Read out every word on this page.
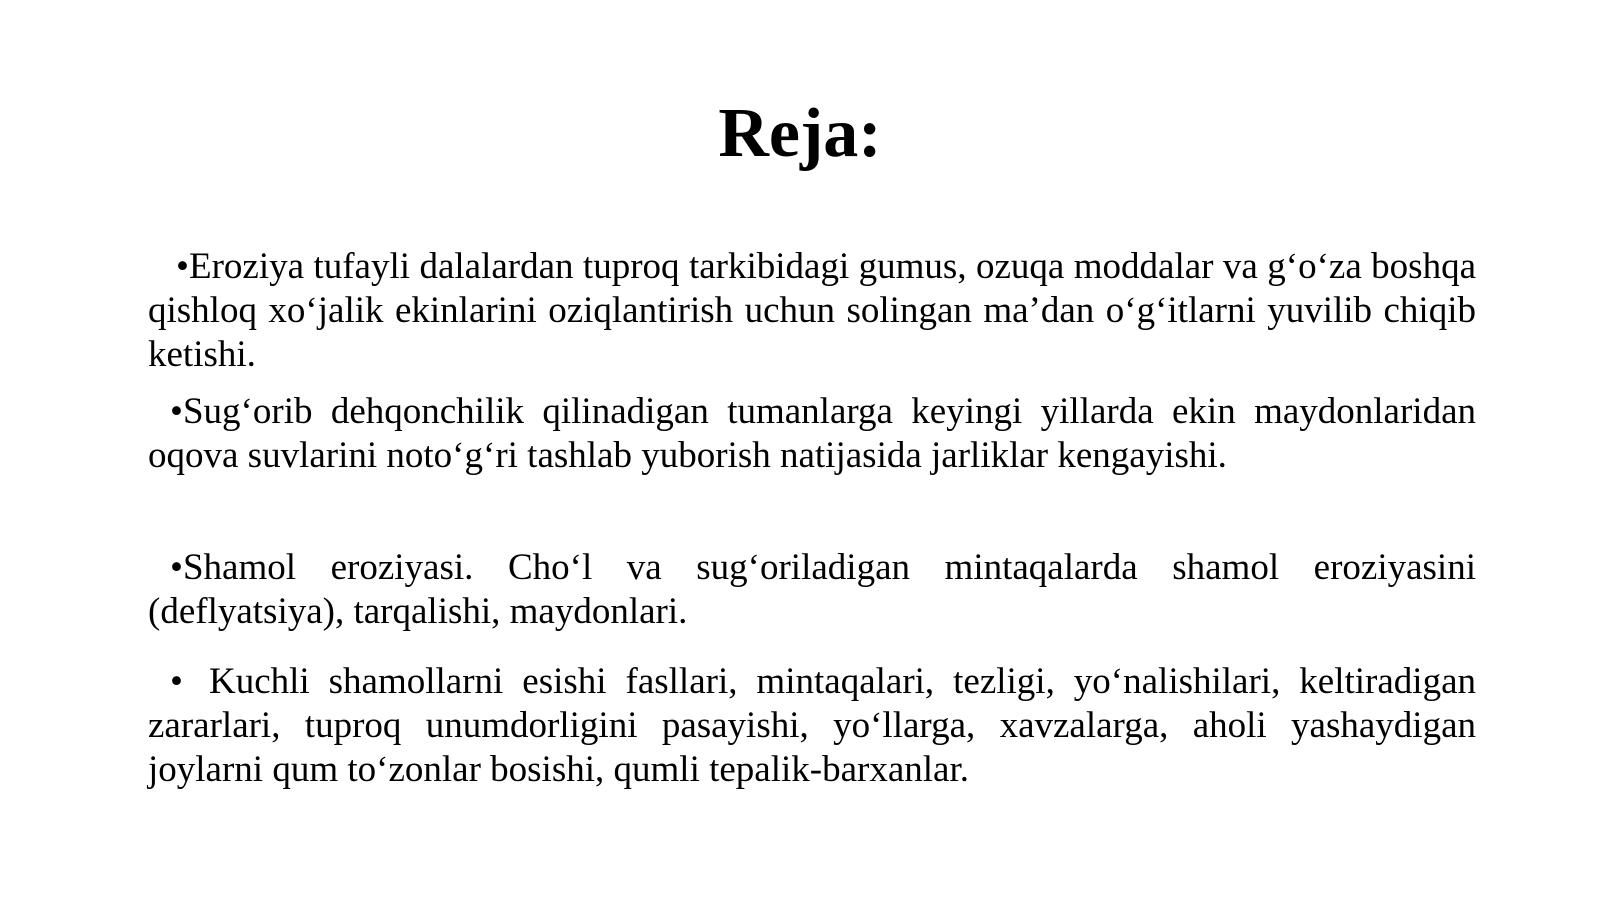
Reja:
•Eroziya tufayli dalalardan tuproq tarkibidagi gumus, ozuqa moddalar va g‘o‘za boshqa qishloq xo‘jalik ekinlarini oziqlantirish uchun solingan ma’dan o‘g‘itlarni yuvilib chiqib ketishi.
•Sug‘orib dehqonchilik qilinadigan tumanlarga keyingi yillarda ekin maydonlaridan oqova suvlarini noto‘g‘ri tashlab yuborish natijasida jarliklar kengayishi.
•Shamol eroziyasi. Cho‘l va sug‘oriladigan mintaqalarda shamol eroziyasini (deflyatsiya), tarqalishi, maydonlari.
• Kuchli shamollarni esishi fasllari, mintaqalari, tezligi, yo‘nalishilari, keltiradigan zararlari, tuproq unumdorligini pasayishi, yo‘llarga, xavzalarga, aholi yashaydigan joylarni qum to‘zonlar bosishi, qumli tepalik-barxanlar.
